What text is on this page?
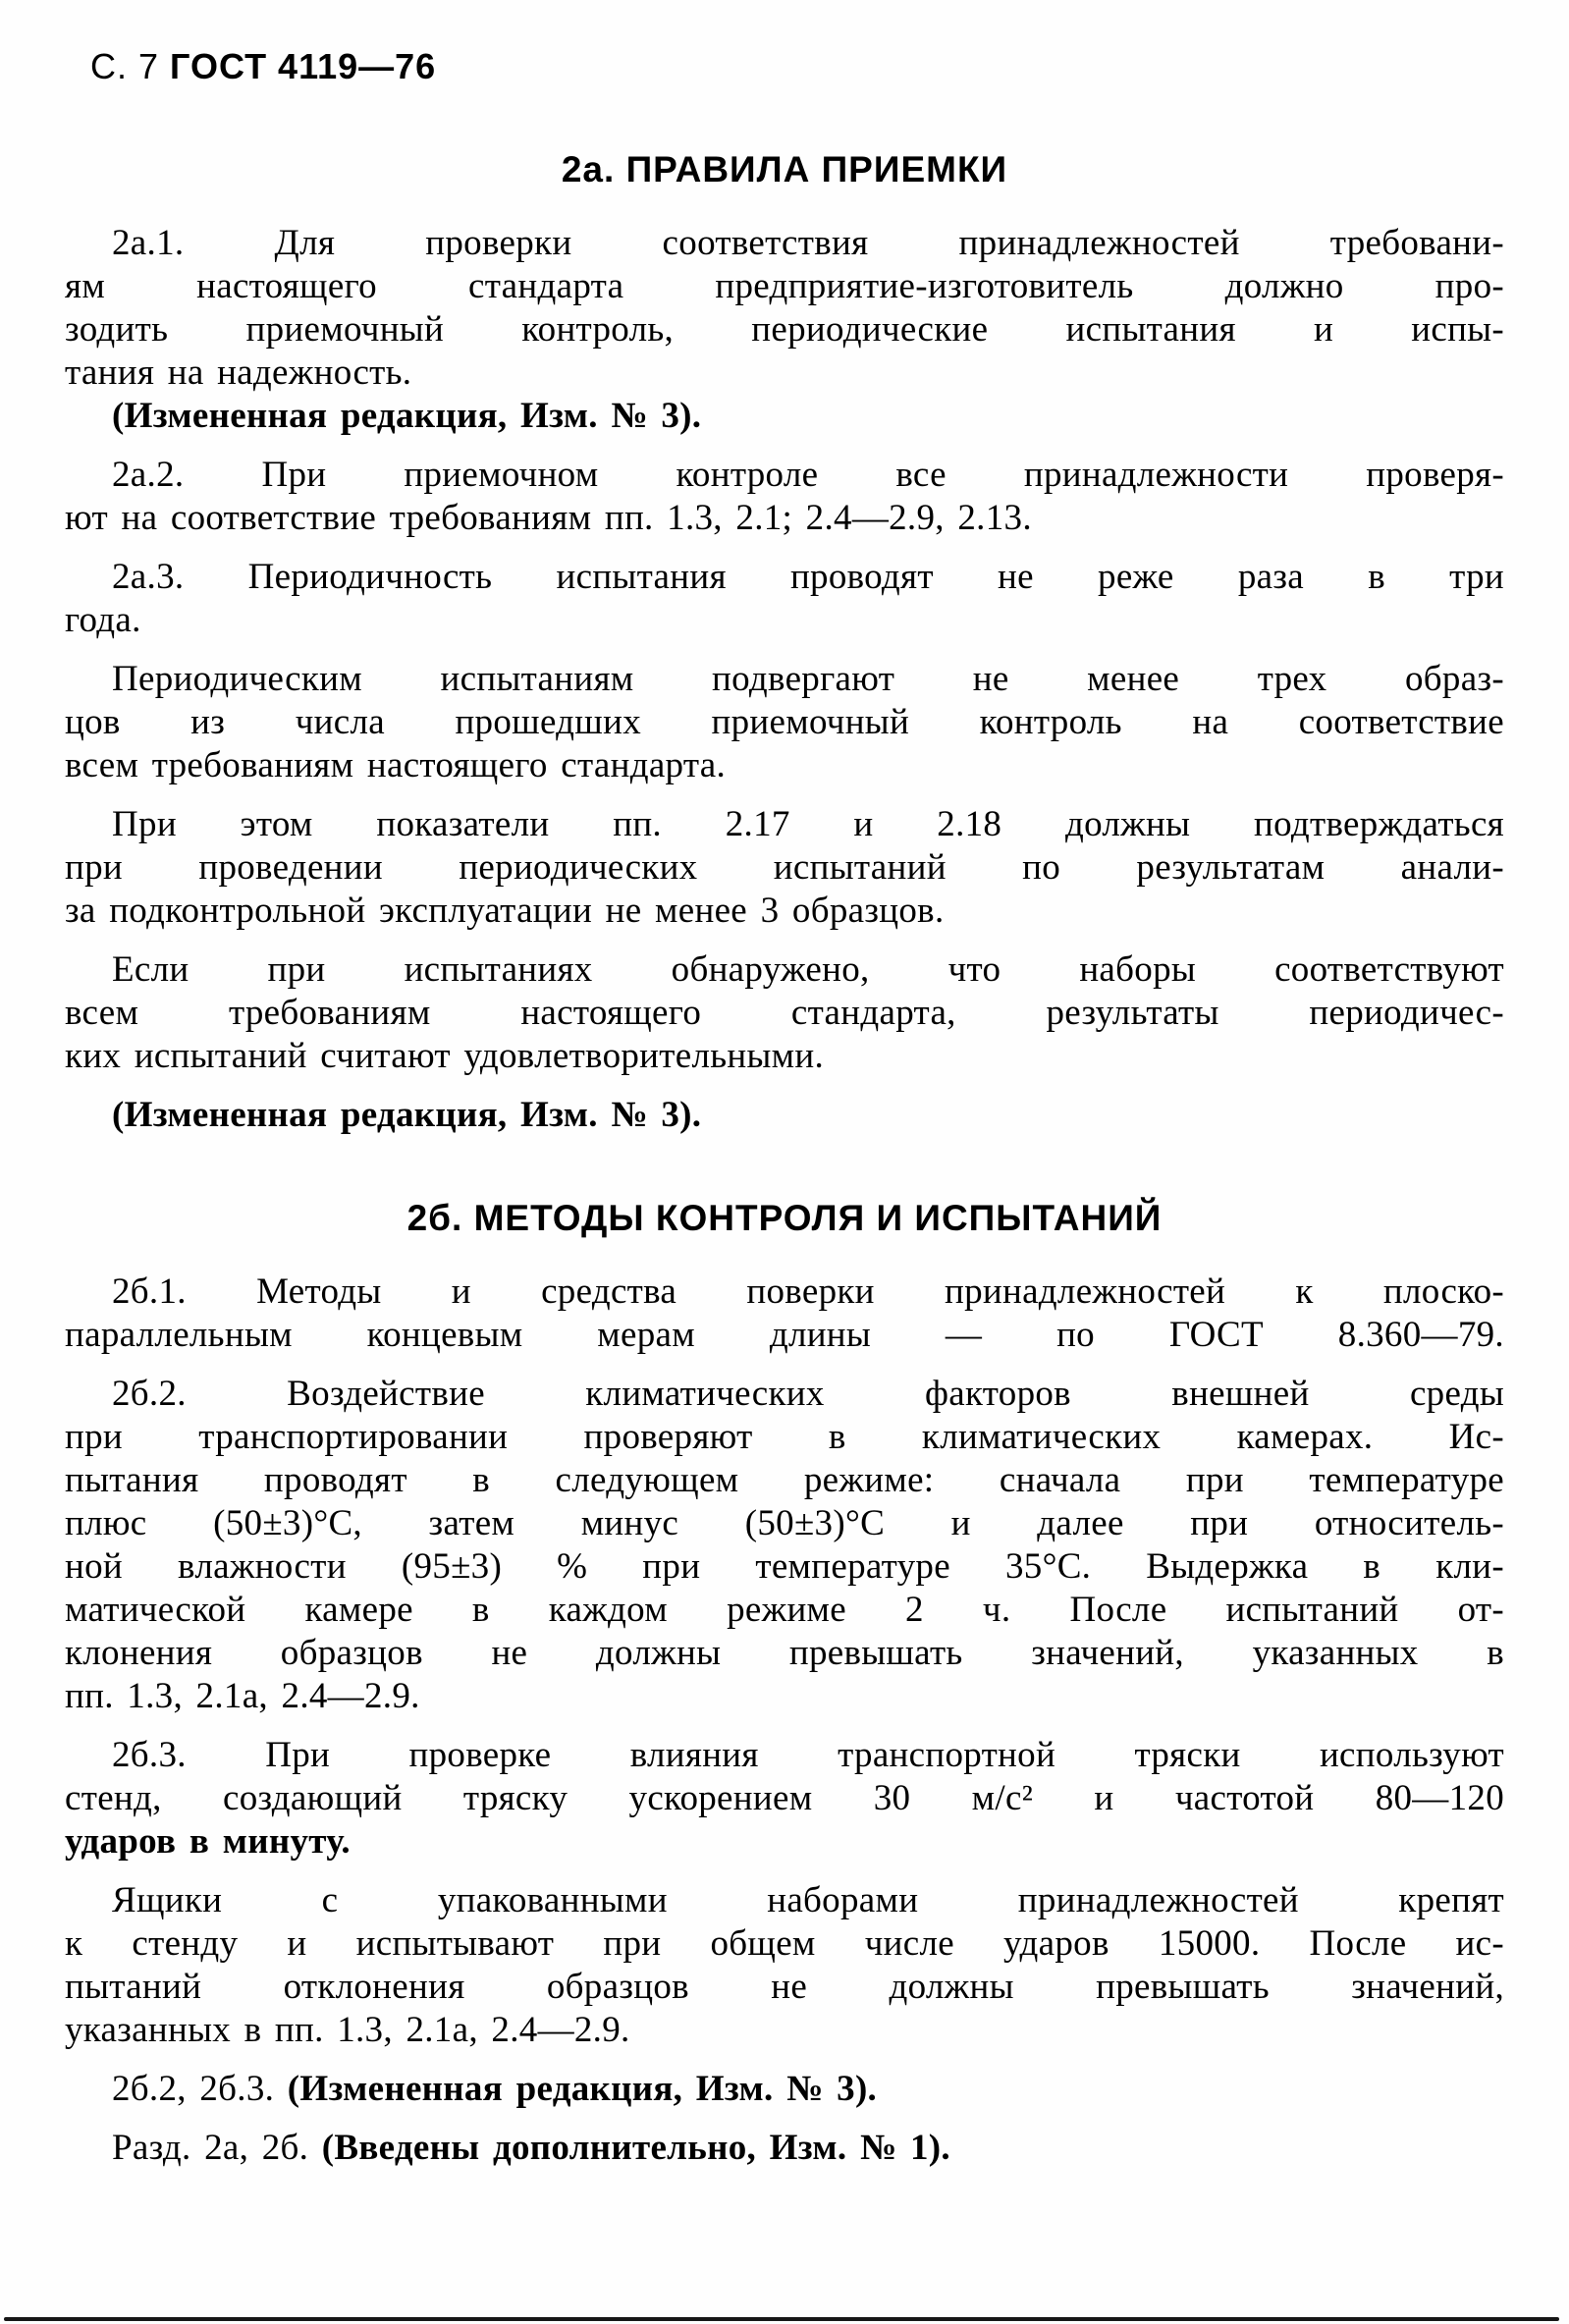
С. 7 ГОСТ 4119—76
2а. ПРАВИЛА ПРИЕМКИ
2а.1. Для проверки соответствия принадлежностей требовани-
ям настоящего стандарта предприятие-изготовитель должно про-
зодить приемочный контроль, периодические испытания и испы-
тания на надежность.
(Измененная редакция, Изм. № 3).
2а.2. При приемочном контроле все принадлежности проверя-
ют на соответствие требованиям пп. 1.3, 2.1; 2.4—2.9, 2.13.
2а.3. Периодичность испытания проводят не реже раза в три
года.
Периодическим испытаниям подвергают не менее трех образ-
цов из числа прошедших приемочный контроль на соответствие
всем требованиям настоящего стандарта.
При этом показатели пп. 2.17 и 2.18 должны подтверждаться
при проведении периодических испытаний по результатам анали-
за подконтрольной эксплуатации не менее 3 образцов.
Если при испытаниях обнаружено, что наборы соответствуют
всем требованиям настоящего стандарта, результаты периодичес-
ких испытаний считают удовлетворительными.
(Измененная редакция, Изм. № 3).
2б. МЕТОДЫ КОНТРОЛЯ И ИСПЫТАНИЙ
2б.1. Методы и средства поверки принадлежностей к плоско-
параллельным концевым мерам длины — по ГОСТ 8.360—79.
2б.2. Воздействие климатических факторов внешней среды
при транспортировании проверяют в климатических камерах. Ис-
пытания проводят в следующем режиме: сначала при температуре
плюс (50±3)°С, затем минус (50±3)°С и далее при относитель-
ной влажности (95±3) % при температуре 35°С. Выдержка в кли-
матической камере в каждом режиме 2 ч. После испытаний от-
клонения образцов не должны превышать значений, указанных в
пп. 1.3, 2.1а, 2.4—2.9.
2б.3. При проверке влияния транспортной тряски используют
стенд, создающий тряску ускорением 30 м/с² и частотой 80—120
ударов в минуту.
Ящики с упакованными наборами принадлежностей крепят
к стенду и испытывают при общем числе ударов 15000. После ис-
пытаний отклонения образцов не должны превышать значений,
указанных в пп. 1.3, 2.1а, 2.4—2.9.
2б.2, 2б.3. (Измененная редакция, Изм. № 3).
Разд. 2а, 2б. (Введены дополнительно, Изм. № 1).
